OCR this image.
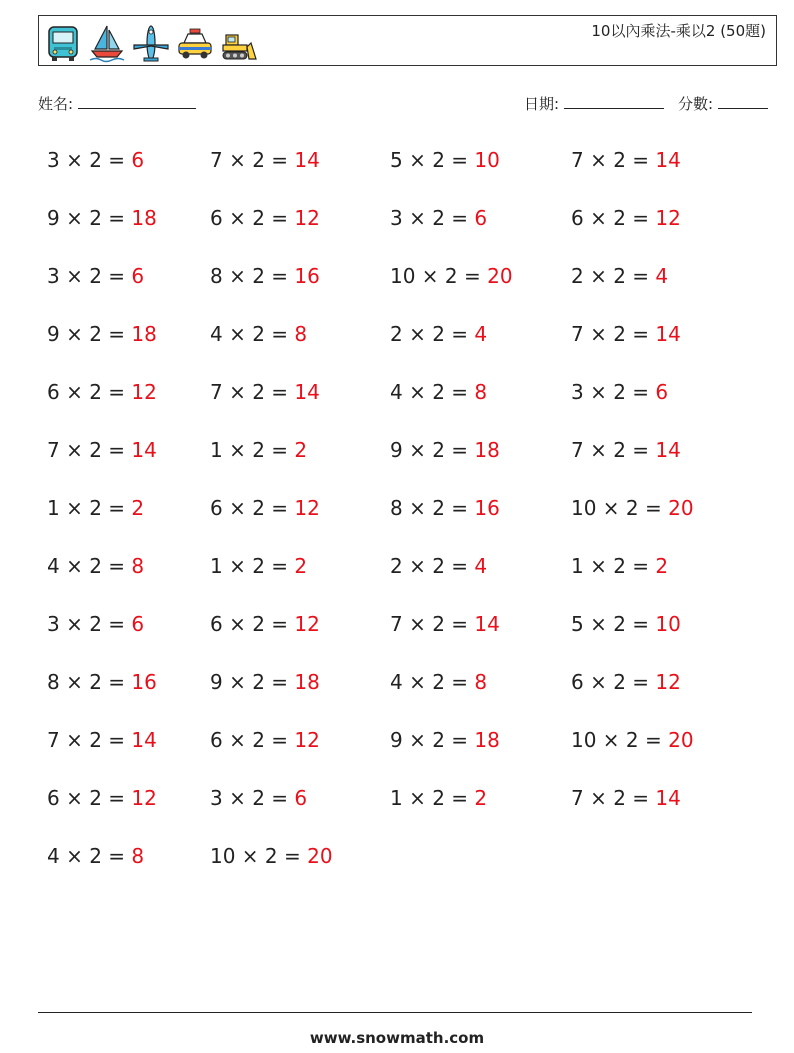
10以內乘法-乘以2 (50題)
姓名:	日期:	分數:
3 × 2 = 6	7 × 2 = 14	5 × 2 = 10	7 × 2 = 14
9 × 2 = 18	6 × 2 = 12	3 × 2 = 6	6 × 2 = 12
3 × 2 = 6	8 × 2 = 16	10 × 2 = 20	2 × 2 = 4
9 × 2 = 18	4 × 2 = 8	2 × 2 = 4	7 × 2 = 14
6 × 2 = 12	7 × 2 = 14	4 × 2 = 8	3 × 2 = 6
7 × 2 = 14	1 × 2 = 2	9 × 2 = 18	7 × 2 = 14
1 × 2 = 2	6 × 2 = 12	8 × 2 = 16	10 × 2 = 20
4 × 2 = 8	1 × 2 = 2	2 × 2 = 4	1 × 2 = 2
3 × 2 = 6	6 × 2 = 12	7 × 2 = 14	5 × 2 = 10
8 × 2 = 16	9 × 2 = 18	4 × 2 = 8	6 × 2 = 12
7 × 2 = 14	6 × 2 = 12	9 × 2 = 18	10 × 2 = 20
6 × 2 = 12	3 × 2 = 6	1 × 2 = 2	7 × 2 = 14
4 × 2 = 8	10 × 2 = 20
www.snowmath.com
